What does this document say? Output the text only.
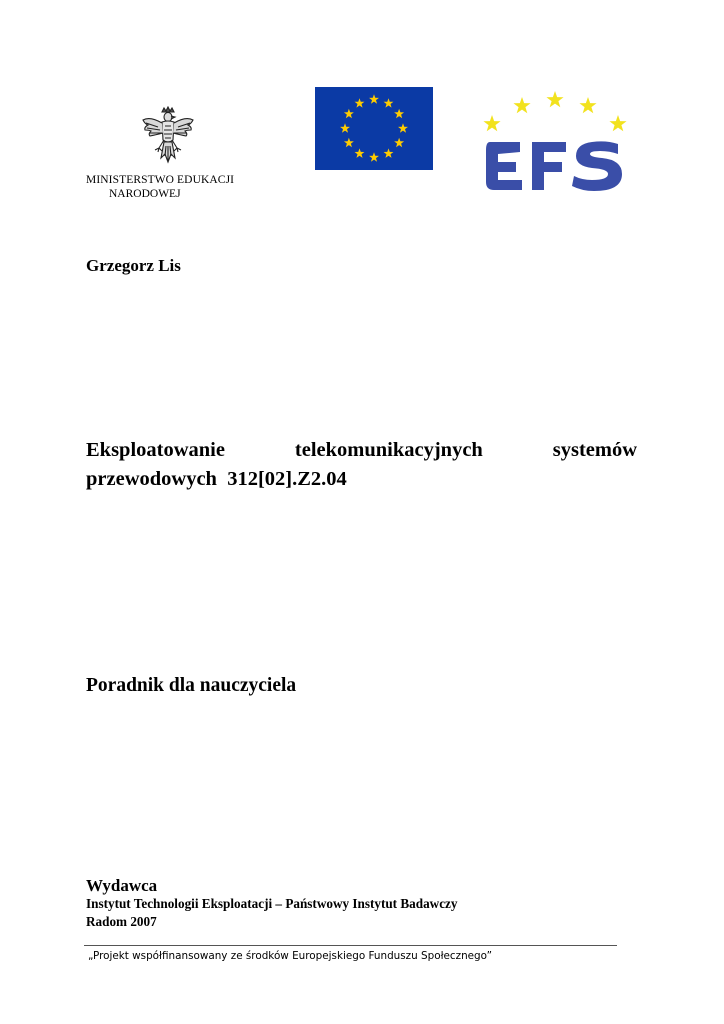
MINISTERSTWO EDUKACJI
NARODOWEJ
Grzegorz Lis
Eksploatowanie	telekomunikacyjnych	systemów
przewodowych  312[02].Z2.04
Poradnik dla nauczyciela
Wydawca
Instytut Technologii Eksploatacji – Państwowy Instytut Badawczy
Radom 2007
„Projekt współfinansowany ze środków Europejskiego Funduszu Społecznego”
